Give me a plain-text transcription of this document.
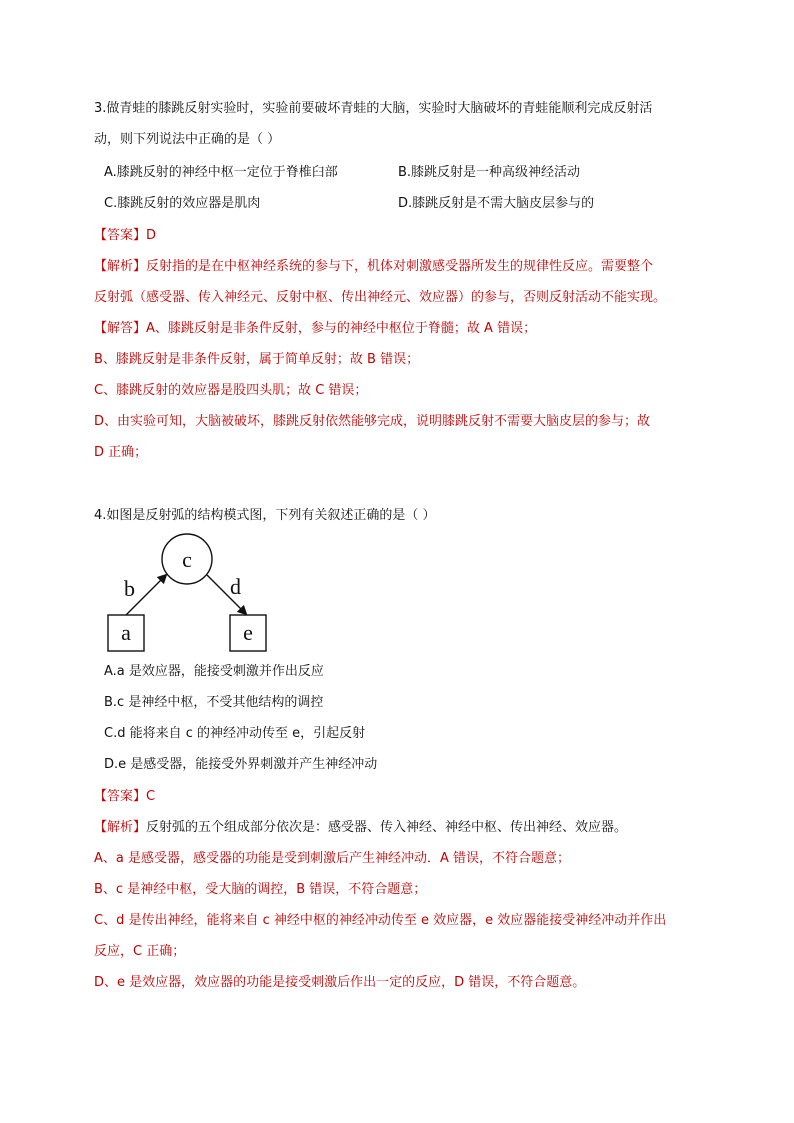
3.做青蛙的膝跳反射实验时，实验前要破坏青蛙的大脑，实验时大脑破坏的青蛙能顺利完成反射活
动，则下列说法中正确的是（ ）
A.膝跳反射的神经中枢一定位于脊椎臼部	B.膝跳反射是一种高级神经活动
C.膝跳反射的效应器是肌肉	D.膝跳反射是不需大脑皮层参与的
【答案】D
【解析】反射指的是在中枢神经系统的参与下，机体对刺激感受器所发生的规律性反应。需要整个
反射弧（感受器、传入神经元、反射中枢、传出神经元、效应器）的参与，否则反射活动不能实现。
【解答】A、膝跳反射是非条件反射，参与的神经中枢位于脊髓；故 A 错误；
B、膝跳反射是非条件反射，属于简单反射；故 B 错误；
C、膝跳反射的效应器是股四头肌；故 C 错误；
D、由实验可知，大脑被破坏，膝跳反射依然能够完成，说明膝跳反射不需要大脑皮层的参与；故
D 正确；
4.如图是反射弧的结构模式图，下列有关叙述正确的是（ ）
c
a	e
b	d
A.a 是效应器，能接受刺激并作出反应
B.c 是神经中枢，不受其他结构的调控
C.d 能将来自 c 的神经冲动传至 e，引起反射
D.e 是感受器，能接受外界刺激并产生神经冲动
【答案】C
【解析】反射弧的五个组成部分依次是：感受器、传入神经、神经中枢、传出神经、效应器。
A、a 是感受器，感受器的功能是受到刺激后产生神经冲动．A 错误，不符合题意；
B、c 是神经中枢，受大脑的调控，B 错误，不符合题意；
C、d 是传出神经，能将来自 c 神经中枢的神经冲动传至 e 效应器，e 效应器能接受神经冲动并作出
反应，C 正确；
D、e 是效应器，效应器的功能是接受刺激后作出一定的反应，D 错误，不符合题意。
